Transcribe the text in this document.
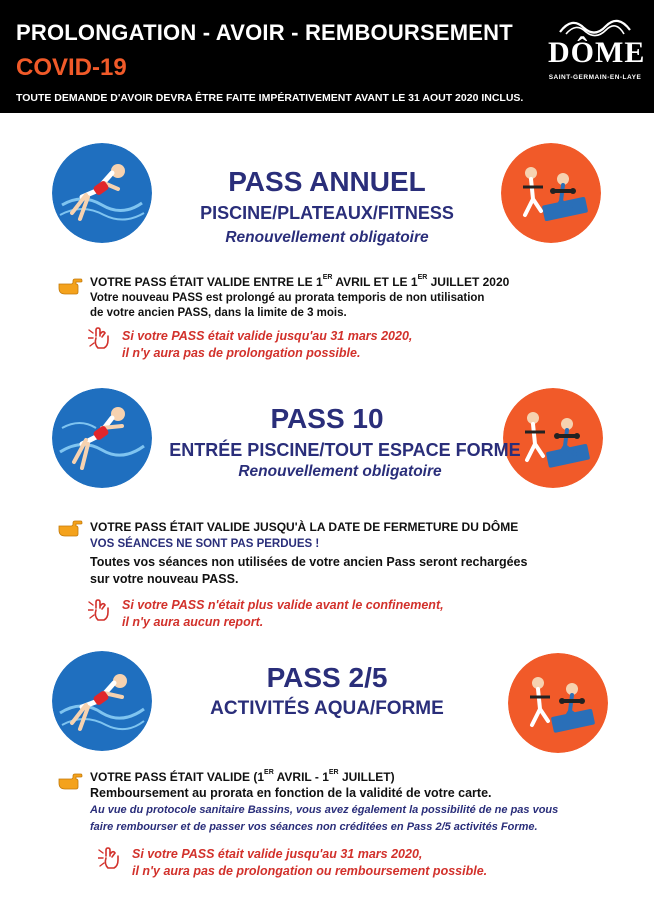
PROLONGATION - AVOIR - REMBOURSEMENT
COVID-19
TOUTE DEMANDE D'AVOIR DEVRA ÊTRE FAITE IMPÉRATIVEMENT AVANT LE 31 AOUT 2020 INCLUS.
DÔME
SAINT-GERMAIN-EN-LAYE
PASS ANNUEL
PISCINE/PLATEAUX/FITNESS
Renouvellement obligatoire
VOTRE PASS ÉTAIT VALIDE ENTRE LE 1ER AVRIL ET LE 1ER JUILLET 2020
Votre nouveau PASS est prolongé au prorata temporis de non utilisation
de votre ancien PASS, dans la limite de 3 mois.
Si votre PASS était valide jusqu'au 31 mars 2020,
il n'y aura pas de prolongation possible.
PASS 10
ENTRÉE PISCINE/TOUT ESPACE FORME
Renouvellement obligatoire
VOTRE PASS ÉTAIT VALIDE JUSQU'À LA DATE DE FERMETURE DU DÔME
VOS SÉANCES NE SONT PAS PERDUES !
Toutes vos séances non utilisées de votre ancien Pass seront rechargées
sur votre nouveau PASS.
Si votre PASS n'était plus valide avant le confinement,
il n'y aura aucun report.
PASS 2/5
ACTIVITÉS AQUA/FORME
VOTRE PASS ÉTAIT VALIDE (1ER AVRIL - 1ER JUILLET)
Remboursement au prorata en fonction de la validité de votre carte.
Au vue du protocole sanitaire Bassins, vous avez également la possibilité de ne pas vous
faire rembourser et de passer vos séances non créditées en Pass 2/5 activités Forme.
Si votre PASS était valide jusqu'au 31 mars 2020,
il n'y aura pas de prolongation ou remboursement possible.
